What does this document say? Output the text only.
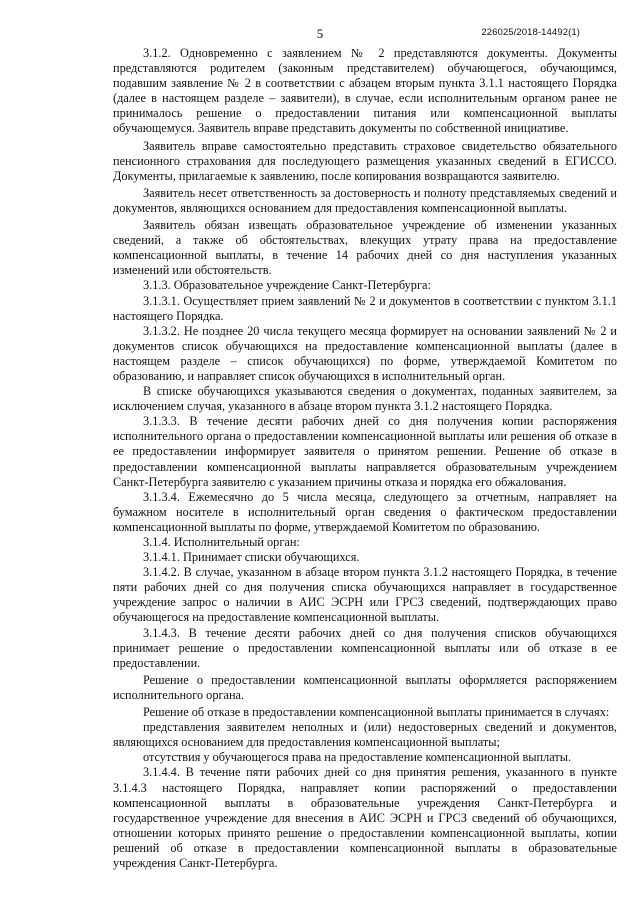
5	226025/2018-14492(1)

3.1.2. Одновременно с заявлением № 2 представляются документы. Документы представляются родителем (законным представителем) обучающегося, обучающимся, подавшим заявление № 2 в соответствии с абзацем вторым пункта 3.1.1 настоящего Порядка (далее в настоящем разделе – заявители), в случае, если исполнительным органом ранее не принималось решение о предоставлении питания или компенсационной выплаты обучающемуся. Заявитель вправе представить документы по собственной инициативе.

Заявитель вправе самостоятельно представить страховое свидетельство обязательного пенсионного страхования для последующего размещения указанных сведений в ЕГИССО. Документы, прилагаемые к заявлению, после копирования возвращаются заявителю.

Заявитель несет ответственность за достоверность и полноту представляемых сведений и документов, являющихся основанием для предоставления компенсационной выплаты.

Заявитель обязан извещать образовательное учреждение об изменении указанных сведений, а также об обстоятельствах, влекущих утрату права на предоставление компенсационной выплаты, в течение 14 рабочих дней со дня наступления указанных изменений или обстоятельств.

3.1.3. Образовательное учреждение Санкт-Петербурга:

3.1.3.1. Осуществляет прием заявлений № 2 и документов в соответствии с пунктом 3.1.1 настоящего Порядка.

3.1.3.2. Не позднее 20 числа текущего месяца формирует на основании заявлений № 2 и документов список обучающихся на предоставление компенсационной выплаты (далее в настоящем разделе – список обучающихся) по форме, утверждаемой Комитетом по образованию, и направляет список обучающихся в исполнительный орган.

В списке обучающихся указываются сведения о документах, поданных заявителем, за исключением случая, указанного в абзаце втором пункта 3.1.2 настоящего Порядка.

3.1.3.3. В течение десяти рабочих дней со дня получения копии распоряжения исполнительного органа о предоставлении компенсационной выплаты или решения об отказе в ее предоставлении информирует заявителя о принятом решении. Решение об отказе в предоставлении компенсационной выплаты направляется образовательным учреждением Санкт-Петербурга заявителю с указанием причины отказа и порядка его обжалования.

3.1.3.4. Ежемесячно до 5 числа месяца, следующего за отчетным, направляет на бумажном носителе в исполнительный орган сведения о фактическом предоставлении компенсационной выплаты по форме, утверждаемой Комитетом по образованию.

3.1.4. Исполнительный орган:

3.1.4.1. Принимает списки обучающихся.

3.1.4.2. В случае, указанном в абзаце втором пункта 3.1.2 настоящего Порядка, в течение пяти рабочих дней со дня получения списка обучающихся направляет в государственное учреждение запрос о наличии в АИС ЭСРН или ГРСЗ сведений, подтверждающих право обучающегося на предоставление компенсационной выплаты.

3.1.4.3. В течение десяти рабочих дней со дня получения списков обучающихся принимает решение о предоставлении компенсационной выплаты или об отказе в ее предоставлении.

Решение о предоставлении компенсационной выплаты оформляется распоряжением исполнительного органа.

Решение об отказе в предоставлении компенсационной выплаты принимается в случаях:

представления заявителем неполных и (или) недостоверных сведений и документов, являющихся основанием для предоставления компенсационной выплаты;

отсутствия у обучающегося права на предоставление компенсационной выплаты.

3.1.4.4. В течение пяти рабочих дней со дня принятия решения, указанного в пункте 3.1.4.3 настоящего Порядка, направляет копии распоряжений о предоставлении компенсационной выплаты в образовательные учреждения Санкт-Петербурга и государственное учреждение для внесения в АИС ЭСРН и ГРСЗ сведений об обучающихся, отношении которых принято решение о предоставлении компенсационной выплаты, копии решений об отказе в предоставлении компенсационной выплаты в образовательные учреждения Санкт-Петербурга.
